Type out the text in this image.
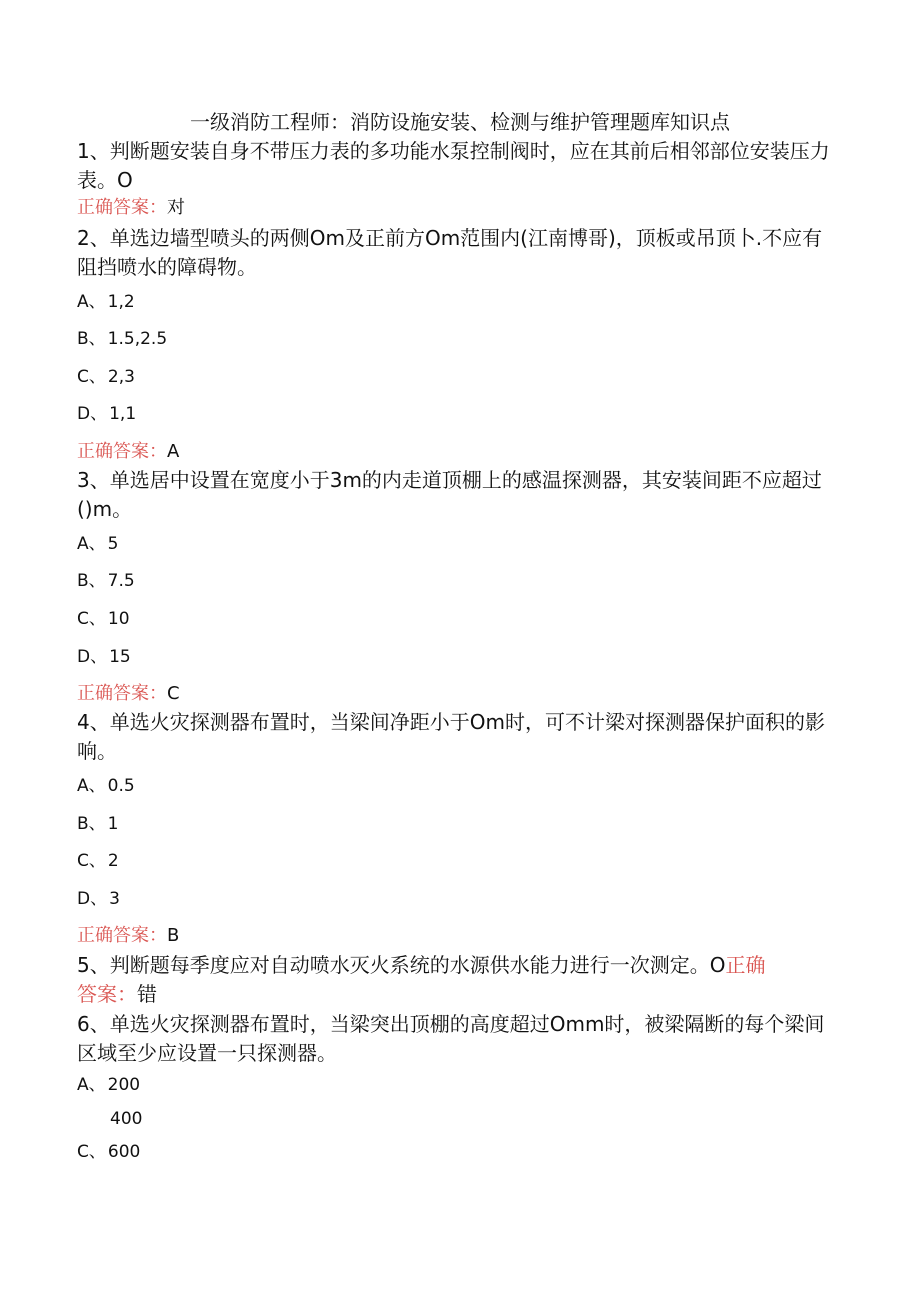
一级消防工程师：消防设施安装、检测与维护管理题库知识点
1、判断题安装自身不带压力表的多功能水泵控制阀时，应在其前后相邻部位安装压力表。O
正确答案：对
2、单选边墙型喷头的两侧Om及正前方Om范围内(江南博哥)，顶板或吊顶卜.不应有阻挡喷水的障碍物。
A、 1,2
B、 1.5,2.5
C、 2,3
D、 1,1
正确答案：A
3、单选居中设置在宽度小于3m的内走道顶棚上的感温探测器，其安装间距不应超过()m。
A、 5
B、 7.5
C、 10
D、 15
正确答案：C
4、单选火灾探测器布置时，当梁间净距小于Om时，可不计梁对探测器保护面积的影响。
A、 0.5
B、 1
C、 2
D、 3
正确答案：B
5、判断题每季度应对自动喷水灭火系统的水源供水能力进行一次测定。O正确
答案：错
6、单选火灾探测器布置时，当梁突出顶棚的高度超过Omm时，被梁隔断的每个梁间区域至少应设置一只探测器。
A、 200
400
C、 600
